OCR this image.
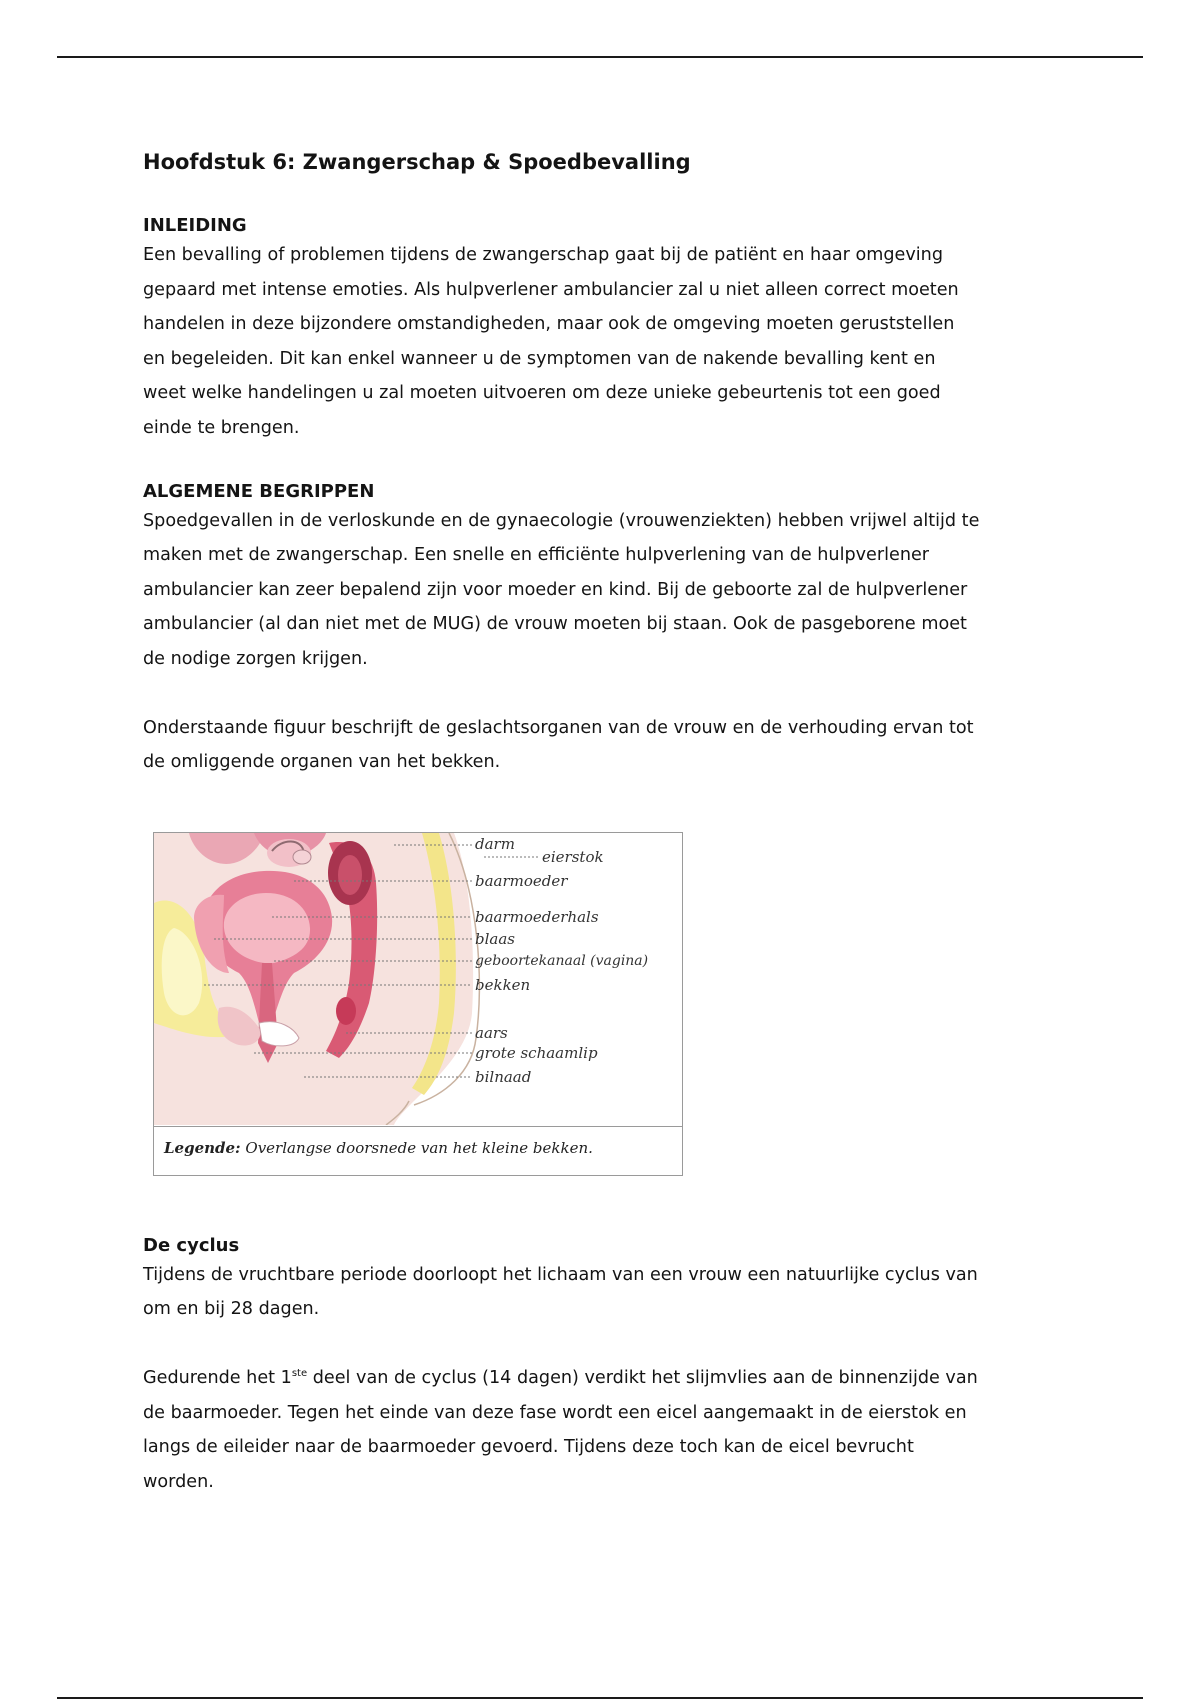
Hoofdstuk 6: Zwangerschap & Spoedbevalling
INLEIDING

Een bevalling of problemen tijdens de zwangerschap gaat bij de patiënt en haar omgeving
gepaard met intense emoties. Als hulpverlener ambulancier zal u niet alleen correct moeten
handelen in deze bijzondere omstandigheden, maar ook de omgeving moeten geruststellen
en begeleiden. Dit kan enkel wanneer u de symptomen van de nakende bevalling kent en
weet welke handelingen u zal moeten uitvoeren om deze unieke gebeurtenis tot een goed
einde te brengen.

ALGEMENE BEGRIPPEN

Spoedgevallen in de verloskunde en de gynaecologie (vrouwenziekten) hebben vrijwel altijd te
maken met de zwangerschap. Een snelle en efficiënte hulpverlening van de hulpverlener
ambulancier kan zeer bepalend zijn voor moeder en kind. Bij de geboorte zal de hulpverlener
ambulancier (al dan niet met de MUG) de vrouw moeten bij staan. Ook de pasgeborene moet
de nodige zorgen krijgen.

Onderstaande figuur beschrijft de geslachtsorganen van de vrouw en de verhouding ervan tot
de omliggende organen van het bekken.

darm
eierstok
baarmoeder
baarmoederhals
blaas
geboortekanaal (vagina)
bekken
aars
grote schaamlip
bilnaad
Legende: Overlangse doorsnede van het kleine bekken.
De cyclus

Tijdens de vruchtbare periode doorloopt het lichaam van een vrouw een natuurlijke cyclus van
om en bij 28 dagen.

Gedurende het 1ste deel van de cyclus (14 dagen) verdikt het slijmvlies aan de binnenzijde van
de baarmoeder. Tegen het einde van deze fase wordt een eicel aangemaakt in de eierstok en
langs de eileider naar de baarmoeder gevoerd. Tijdens deze toch kan de eicel bevrucht
worden.
